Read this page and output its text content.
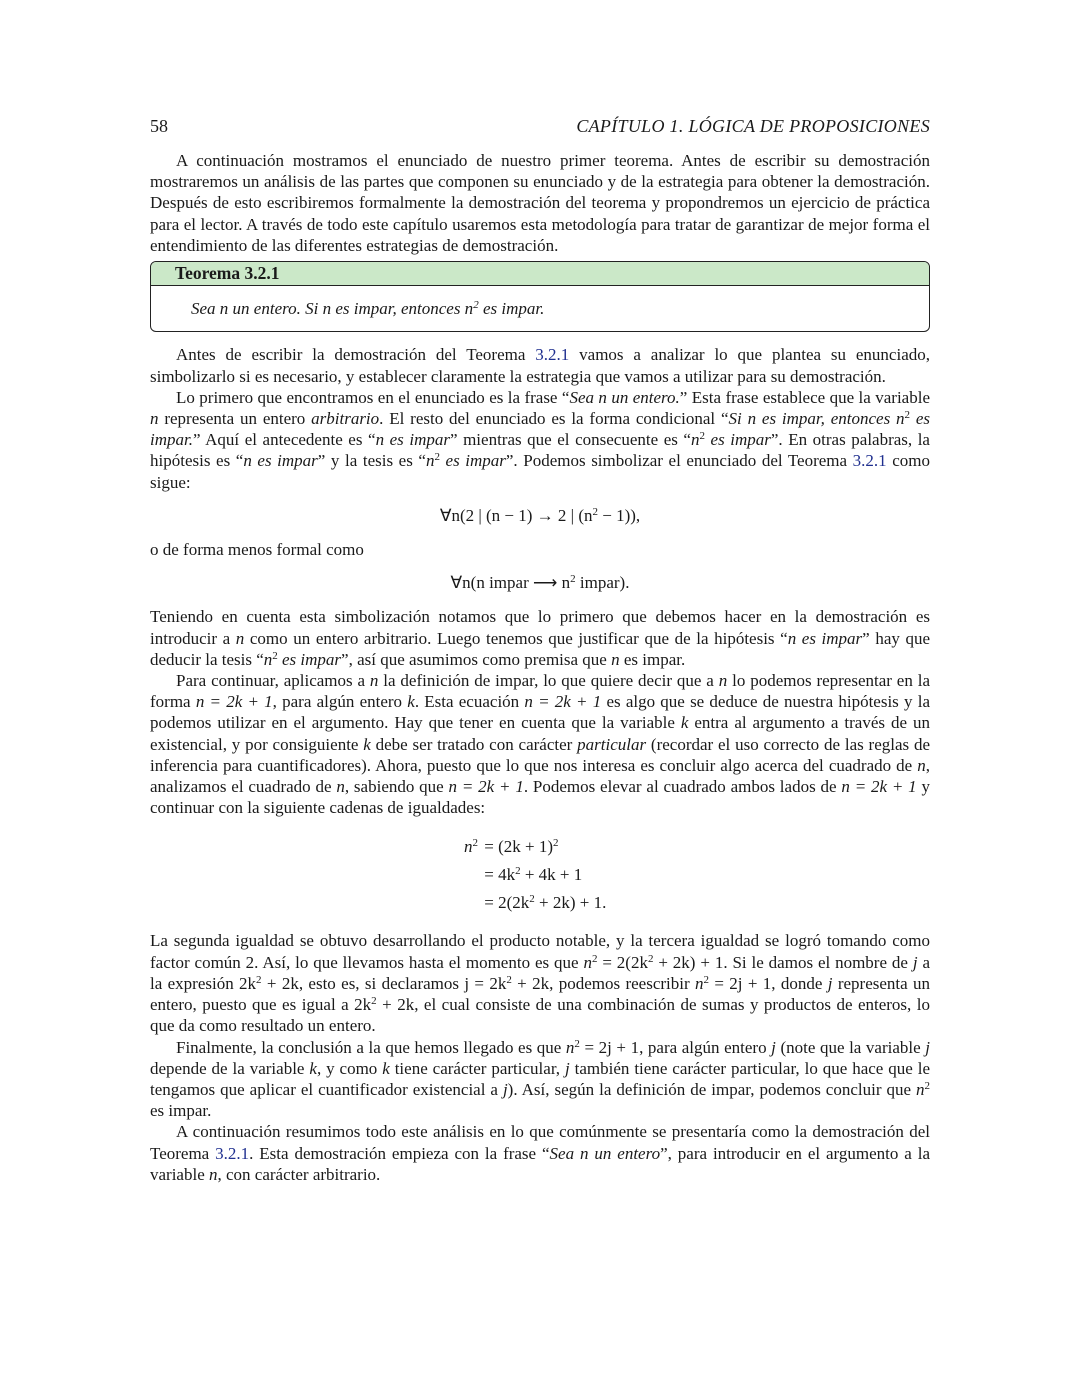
58	CAPÍTULO 1. LÓGICA DE PROPOSICIONES

A continuación mostramos el enunciado de nuestro primer teorema. Antes de escribir su demostración mostraremos un análisis de las partes que componen su enunciado y de la estrategia para obtener la demostración. Después de esto escribiremos formalmente la demostración del teorema y propondremos un ejercicio de práctica para el lector. A través de todo este capítulo usaremos esta metodología para tratar de garantizar de mejor forma el entendimiento de las diferentes estrategias de demostración.

Teorema 3.2.1
Sea n un entero. Si n es impar, entonces $n^2$ es impar.

Antes de escribir la demostración del Teorema 3.2.1 vamos a analizar lo que plantea su enunciado, simbolizarlo si es necesario, y establecer claramente la estrategia que vamos a utilizar para su demostración.

Lo primero que encontramos en el enunciado es la frase “Sea n un entero.” Esta frase establece que la variable n representa un entero arbitrario. El resto del enunciado es la forma condicional “Si n es impar, entonces $n^2$ es impar.” Aquí el antecedente es “n es impar” mientras que el consecuente es “$n^2$ es impar”. En otras palabras, la hipótesis es “n es impar” y la tesis es “$n^2$ es impar”. Podemos simbolizar el enunciado del Teorema 3.2.1 como sigue:

∀n(2 | (n − 1) → 2 | $(n^2 - 1)$),

o de forma menos formal como

∀n(n impar ⟶ $n^2$ impar).

Teniendo en cuenta esta simbolización notamos que lo primero que debemos hacer en la demostración es introducir a n como un entero arbitrario. Luego tenemos que justificar que de la hipótesis “n es impar” hay que deducir la tesis “$n^2$ es impar”, así que asumimos como premisa que n es impar.

Para continuar, aplicamos a n la definición de impar, lo que quiere decir que a n lo podemos representar en la forma n = 2k + 1, para algún entero k. Esta ecuación n = 2k + 1 es algo que se deduce de nuestra hipótesis y la podemos utilizar en el argumento. Hay que tener en cuenta que la variable k entra al argumento a través de un existencial, y por consiguiente k debe ser tratado con carácter particular (recordar el uso correcto de las reglas de inferencia para cuantificadores). Ahora, puesto que lo que nos interesa es concluir algo acerca del cuadrado de n, analizamos el cuadrado de n, sabiendo que n = 2k + 1. Podemos elevar al cuadrado ambos lados de n = 2k + 1 y continuar con la siguiente cadenas de igualdades:

$n^2 = (2k + 1)^2$
= $4k^2 + 4k + 1$
= $2(2k^2 + 2k) + 1$.

La segunda igualdad se obtuvo desarrollando el producto notable, y la tercera igualdad se logró tomando como factor común 2. Así, lo que llevamos hasta el momento es que $n^2 = 2(2k^2 + 2k) + 1$. Si le damos el nombre de j a la expresión $2k^2 + 2k$, esto es, si declaramos $j = 2k^2 + 2k$, podemos reescribir $n^2 = 2j + 1$, donde j representa un entero, puesto que es igual a $2k^2 + 2k$, el cual consiste de una combinación de sumas y productos de enteros, lo que da como resultado un entero.

Finalmente, la conclusión a la que hemos llegado es que $n^2 = 2j + 1$, para algún entero j (note que la variable j depende de la variable k, y como k tiene carácter particular, j también tiene carácter particular, lo que hace que le tengamos que aplicar el cuantificador existencial a j). Así, según la definición de impar, podemos concluir que $n^2$ es impar.

A continuación resumimos todo este análisis en lo que comúnmente se presentaría como la demostración del Teorema 3.2.1. Esta demostración empieza con la frase “Sea n un entero”, para introducir en el argumento a la variable n, con carácter arbitrario.
